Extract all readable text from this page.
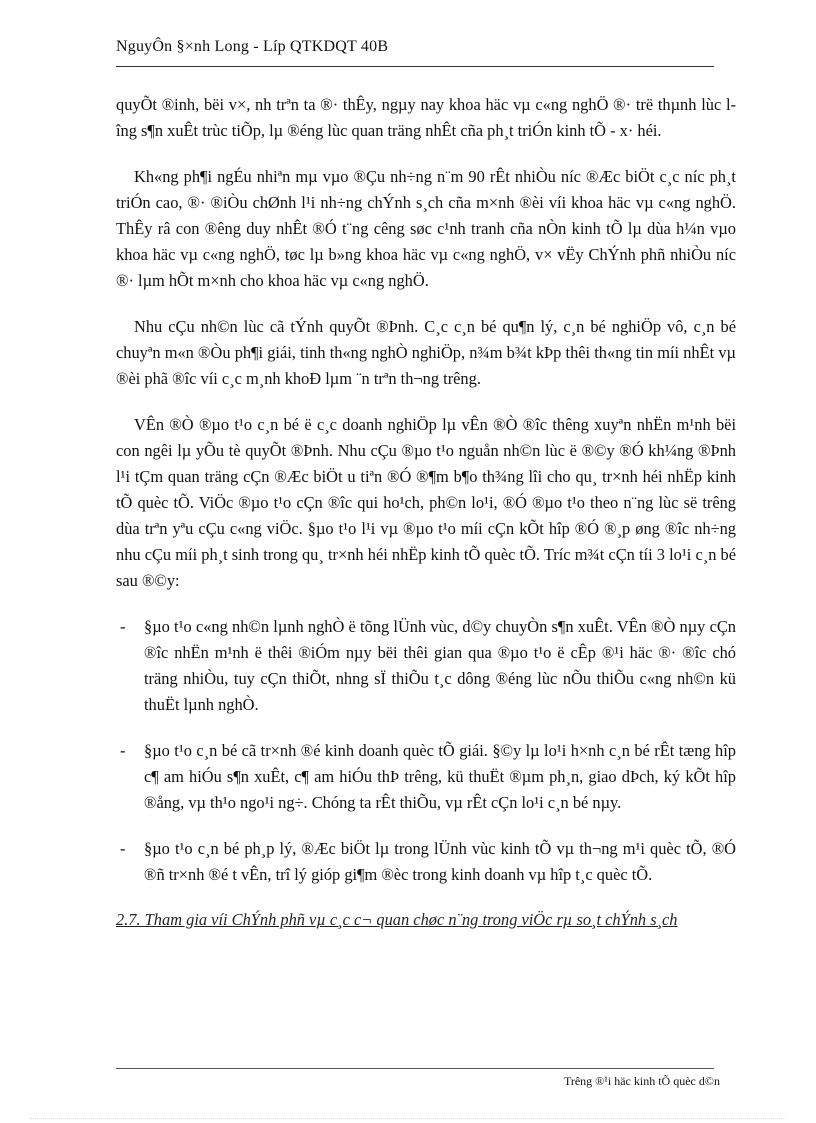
NguyÔn §×nh Long - Líp QTKDQT 40B

quyÕt ®inh, bëi v×, nh trªn ta ®· thÊy, ngµy nay khoa häc vµ c«ng nghÖ ®· trë thµnh lùc lîng s¶n xuÊt trùc tiÕp, lµ ®éng lùc quan träng nhÊt cña ph¸t triÓn kinh tÕ - x· héi.

Kh«ng ph¶i ngÉu nhiªn mµ vµo ®Çu nh÷ng n¨m 90 rÊt nhiÒu níc ®Æc biÖt c¸c níc ph¸t triÓn cao, ®· ®iÒu chØnh l¹i nh÷ng chÝnh s¸ch cña m×nh ®èi víi khoa häc vµ c«ng nghÖ. ThÊy râ con ®êng duy nhÊt ®Ó t¨ng cêng søc c¹nh tranh cña nÒn kinh tÕ lµ dùa h¼n vµo khoa häc vµ c«ng nghÖ, tøc lµ b»ng khoa häc vµ c«ng nghÖ, v× vËy ChÝnh phñ nhiÒu níc ®· lµm hÕt m×nh cho khoa häc vµ c«ng nghÖ.

Nhu cÇu nh©n lùc cã tÝnh quyÕt ®Þnh. C¸c c¸n bé qu¶n lý, c¸n bé nghiÖp vô, c¸n bé chuyªn m«n ®Òu ph¶i giái, tinh th«ng nghÒ nghiÖp, n¾m b¾t kÞp thêi th«ng tin míi nhÊt vµ ®èi phã ®îc víi c¸c m¸nh khoÐ lµm ¨n trªn th¬ng trêng.

VÊn ®Ò ®µo t¹o c¸n bé ë c¸c doanh nghiÖp lµ vÊn ®Ò ®îc thêng xuyªn nhËn m¹nh bëi con ngêi lµ yÕu tè quyÕt ®Þnh. Nhu cÇu ®µo t¹o nguån nh©n lùc ë ®©y ®Ó kh¼ng ®Þnh l¹i tÇm quan träng cÇn ®Æc biÖt u tiªn ®Ó ®¶m b¶o th¾ng lîi cho qu¸ tr×nh héi nhËp kinh tÕ quèc tÕ. ViÖc ®µo t¹o cÇn ®îc qui ho¹ch, ph©n lo¹i, ®Ó ®µo t¹o theo n¨ng lùc së trêng dùa trªn yªu cÇu c«ng viÖc. §µo t¹o l¹i vµ ®µo t¹o míi cÇn kÕt hîp ®Ó ®¸p øng ®îc nh÷ng nhu cÇu míi ph¸t sinh trong qu¸ tr×nh héi nhËp kinh tÕ quèc tÕ. Tríc m¾t cÇn tíi 3 lo¹i c¸n bé sau ®©y:

- §µo t¹o c«ng nh©n lµnh nghÒ ë tõng lÜnh vùc, d©y chuyÒn s¶n xuÊt. VÊn ®Ò nµy cÇn ®îc nhËn m¹nh ë thêi ®iÓm nµy bëi thêi gian qua ®µo t¹o ë cÊp ®¹i häc ®· ®îc chó träng nhiÒu, tuy cÇn thiÕt, nhng sÏ thiÕu t¸c dông ®éng lùc nÕu thiÕu c«ng nh©n kü thuËt lµnh nghÒ.
- §µo t¹o c¸n bé cã tr×nh ®é kinh doanh quèc tÕ giái. §©y lµ lo¹i h×nh c¸n bé rÊt tæng hîp c¶ am hiÓu s¶n xuÊt, c¶ am hiÓu thÞ trêng, kü thuËt ®µm ph¸n, giao dÞch, ký kÕt hîp ®ång, vµ th¹o ngo¹i ng÷. Chóng ta rÊt thiÕu, vµ rÊt cÇn lo¹i c¸n bé nµy.
- §µo t¹o c¸n bé ph¸p lý, ®Æc biÖt lµ trong lÜnh vùc kinh tÕ vµ th¬ng m¹i quèc tÕ, ®Ó ®ñ tr×nh ®é t vÊn, trî lý gióp gi¶m ®èc trong kinh doanh vµ hîp t¸c quèc tÕ.
2.7. Tham gia víi ChÝnh phñ vµ c¸c c¬ quan chøc n¨ng trong viÖc rµ so¸t chÝnh s¸ch
Trêng ®¹i häc kinh tÕ quèc d©n
